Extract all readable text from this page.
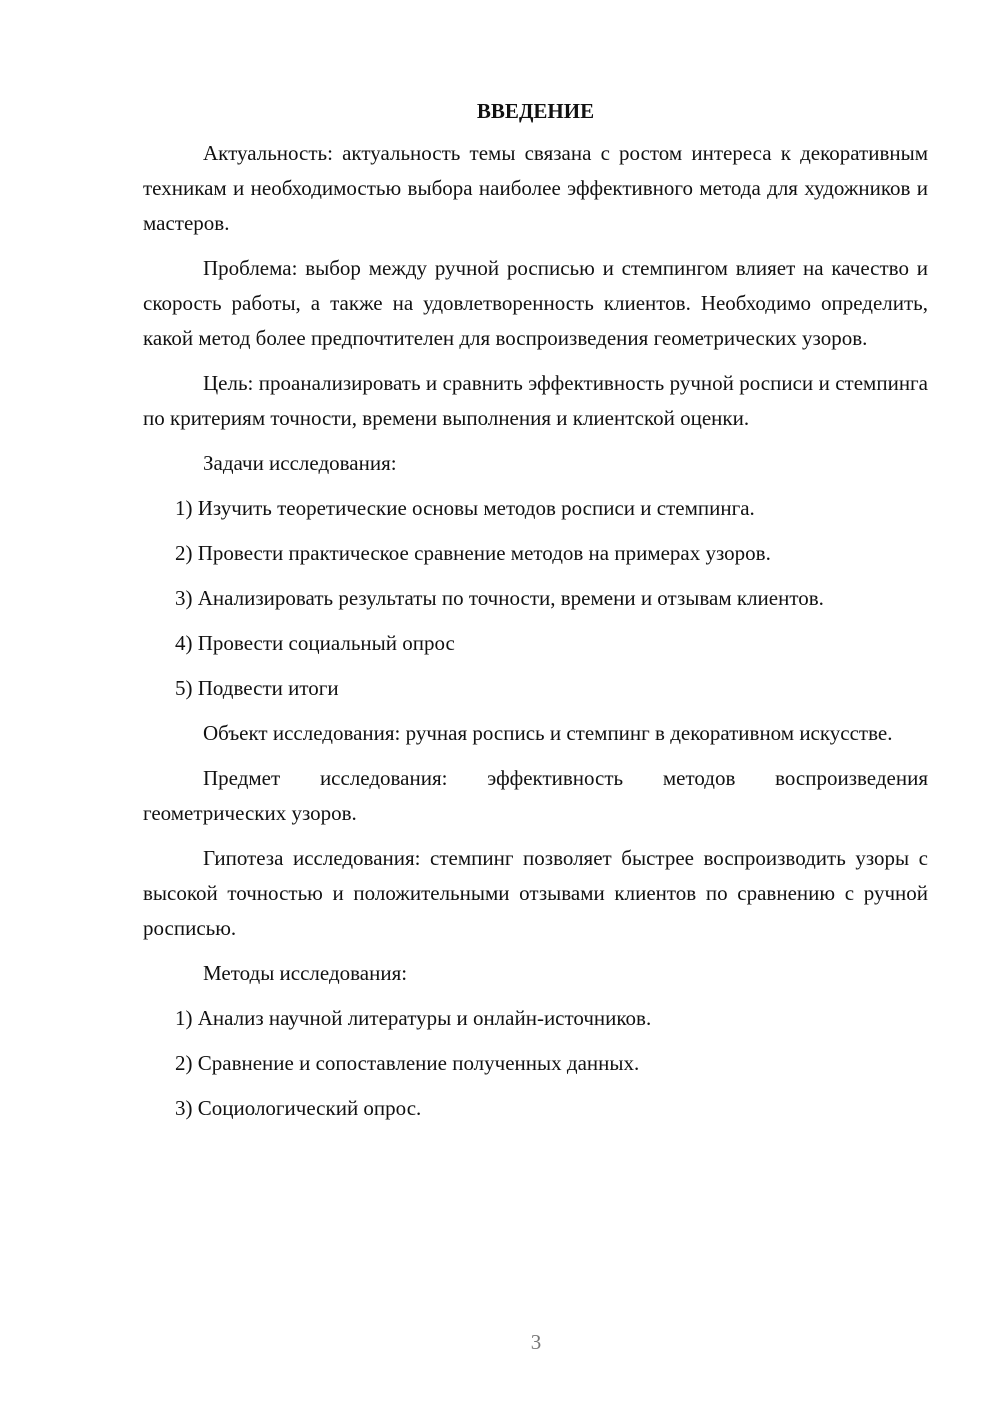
ВВЕДЕНИЕ

Актуальность: актуальность темы связана с ростом интереса к декоративным техникам и необходимостью выбора наиболее эффективного метода для художников и мастеров.

Проблема: выбор между ручной росписью и стемпингом влияет на качество и скорость работы, а также на удовлетворенность клиентов. Необходимо определить, какой метод более предпочтителен для воспроизведения геометрических узоров.

Цель: проанализировать и сравнить эффективность ручной росписи и стемпинга по критериям точности, времени выполнения и клиентской оценки.

Задачи исследования:

1) Изучить теоретические основы методов росписи и стемпинга.

2) Провести практическое сравнение методов на примерах узоров.

3) Анализировать результаты по точности, времени и отзывам клиентов.

4) Провести социальный опрос

5) Подвести итоги

Объект исследования: ручная роспись и стемпинг в декоративном искусстве.

Предмет исследования: эффективность методов воспроизведения геометрических узоров.

Гипотеза исследования: стемпинг позволяет быстрее воспроизводить узоры с высокой точностью и положительными отзывами клиентов по сравнению с ручной росписью.

Методы исследования:

1) Анализ научной литературы и онлайн-источников.

2) Сравнение и сопоставление полученных данных.

3) Социологический опрос.

3
